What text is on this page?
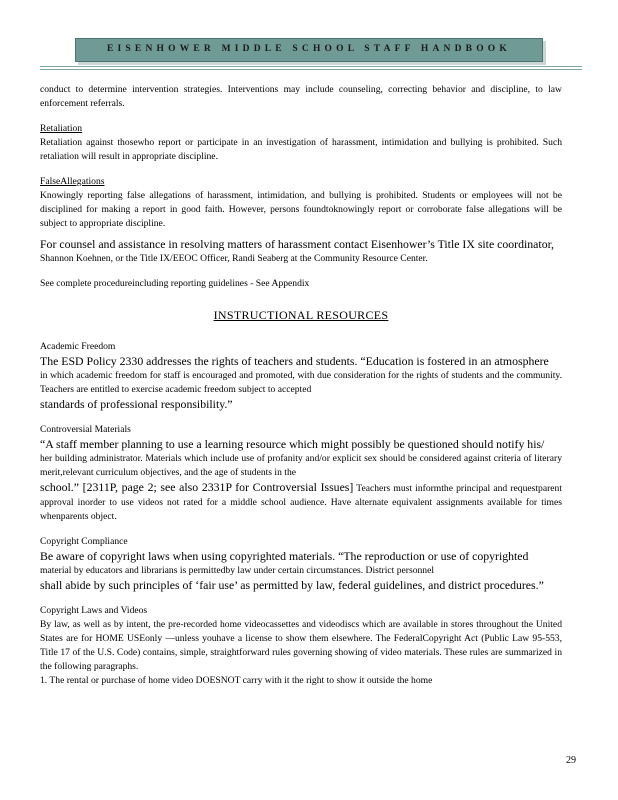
EISENHOWER MIDDLE SCHOOL STAFF HANDBOOK

conduct to determine intervention strategies. Interventions may include counseling, correcting behavior and discipline, to law enforcement referrals.

Retaliation

Retaliation against thosewho report or participate in an investigation of harassment, intimidation and bullying is prohibited. Such retaliation will result in appropriate discipline.

FalseAllegations

Knowingly reporting false allegations of harassment, intimidation, and bullying is prohibited. Students or employees will not be disciplined for making a report in good faith. However, persons foundtoknowingly report or corroborate false allegations will be subject to appropriate discipline.

For counsel and assistance in resolving matters of harassment contact Eisenhower’s Title IX site coordinator,

Shannon Koehnen, or the Title IX/EEOC Officer, Randi Seaberg at the Community Resource Center.

See complete procedureincluding reporting guidelines - See Appendix

INSTRUCTIONAL RESOURCES
Academic Freedom

The ESD Policy 2330 addresses the rights of teachers and students. “Education is fostered in an atmosphere

in which academic freedom for staff is encouraged and promoted, with due consideration for the rights of students and the community. Teachers are entitled to exercise academic freedom subject to accepted

standards of professional responsibility.”

Controversial Materials

“A staff member planning to use a learning resource which might possibly be questioned should notify his/

her building administrator. Materials which include use of profanity and/or explicit sex should be considered against criteria of literary merit,relevant curriculum objectives, and the age of students in the

school.” [2311P, page 2; see also 2331P for Controversial Issues] Teachers must informthe principal and requestparent approval inorder to use videos not rated for a middle school audience. Have alternate equivalent assignments available for times whenparents object.

Copyright Compliance

Be aware of copyright laws when using copyrighted materials. “The reproduction or use of copyrighted

material by educators and librarians is permittedby law under certain circumstances. District personnel

shall abide by such principles of ‘fair use’ as permitted by law, federal guidelines, and district procedures.”

Copyright Laws and Videos

By law, as well as by intent, the pre-recorded home videocassettes and videodiscs which are available in stores throughout the United States are for HOME USEonly —unless youhave a license to show them elsewhere. The FederalCopyright Act (Public Law 95-553, Title 17 of the U.S. Code) contains, simple, straightforward rules governing showing of video materials. These rules are summarized in the following paragraphs.

1. The rental or purchase of home video DOESNOT carry with it the right to show it outside the home

29
